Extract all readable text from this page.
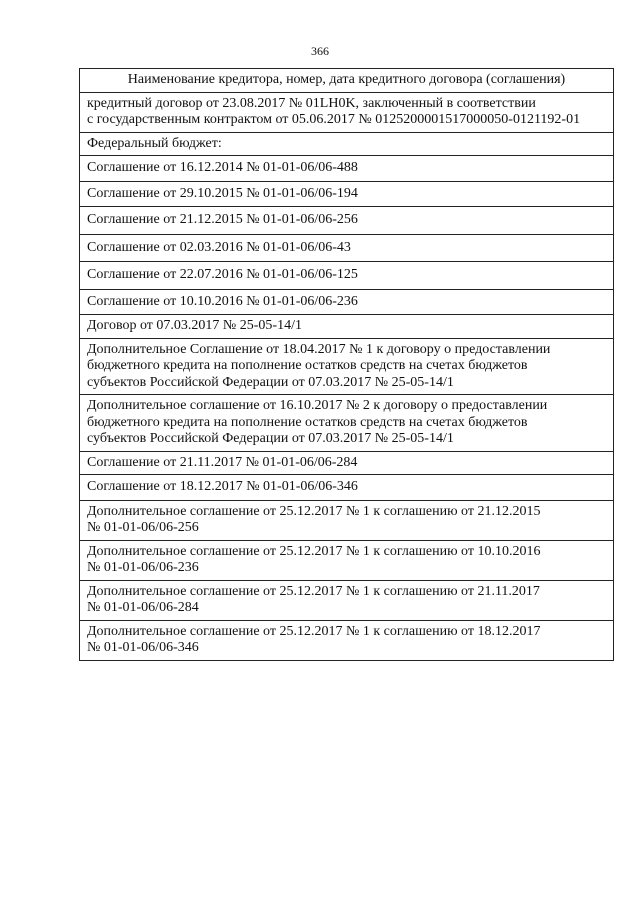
366
Наименование кредитора, номер, дата кредитного договора (соглашения)
кредитный договор от 23.08.2017 № 01LH0K, заключенный в соответствии
с государственным контрактом от 05.06.2017 № 0125200001517000050-0121192-01
Федеральный бюджет:
Соглашение от 16.12.2014 № 01-01-06/06-488
Соглашение от 29.10.2015 № 01-01-06/06-194
Соглашение от 21.12.2015 № 01-01-06/06-256
Соглашение от 02.03.2016 № 01-01-06/06-43
Соглашение от 22.07.2016 № 01-01-06/06-125
Соглашение от 10.10.2016 № 01-01-06/06-236
Договор от 07.03.2017 № 25-05-14/1
Дополнительное Соглашение от 18.04.2017 № 1 к договору о предоставлении
бюджетного кредита на пополнение остатков средств на счетах бюджетов
субъектов Российской Федерации от 07.03.2017 № 25-05-14/1
Дополнительное соглашение от 16.10.2017 № 2 к договору о предоставлении
бюджетного кредита на пополнение остатков средств на счетах бюджетов
субъектов Российской Федерации от 07.03.2017 № 25-05-14/1
Соглашение от 21.11.2017 № 01-01-06/06-284
Соглашение от 18.12.2017 № 01-01-06/06-346
Дополнительное соглашение от 25.12.2017 № 1 к соглашению от 21.12.2015
№ 01-01-06/06-256
Дополнительное соглашение от 25.12.2017 № 1 к соглашению от 10.10.2016
№ 01-01-06/06-236
Дополнительное соглашение от 25.12.2017 № 1 к соглашению от 21.11.2017
№ 01-01-06/06-284
Дополнительное соглашение от 25.12.2017 № 1 к соглашению от 18.12.2017
№ 01-01-06/06-346
